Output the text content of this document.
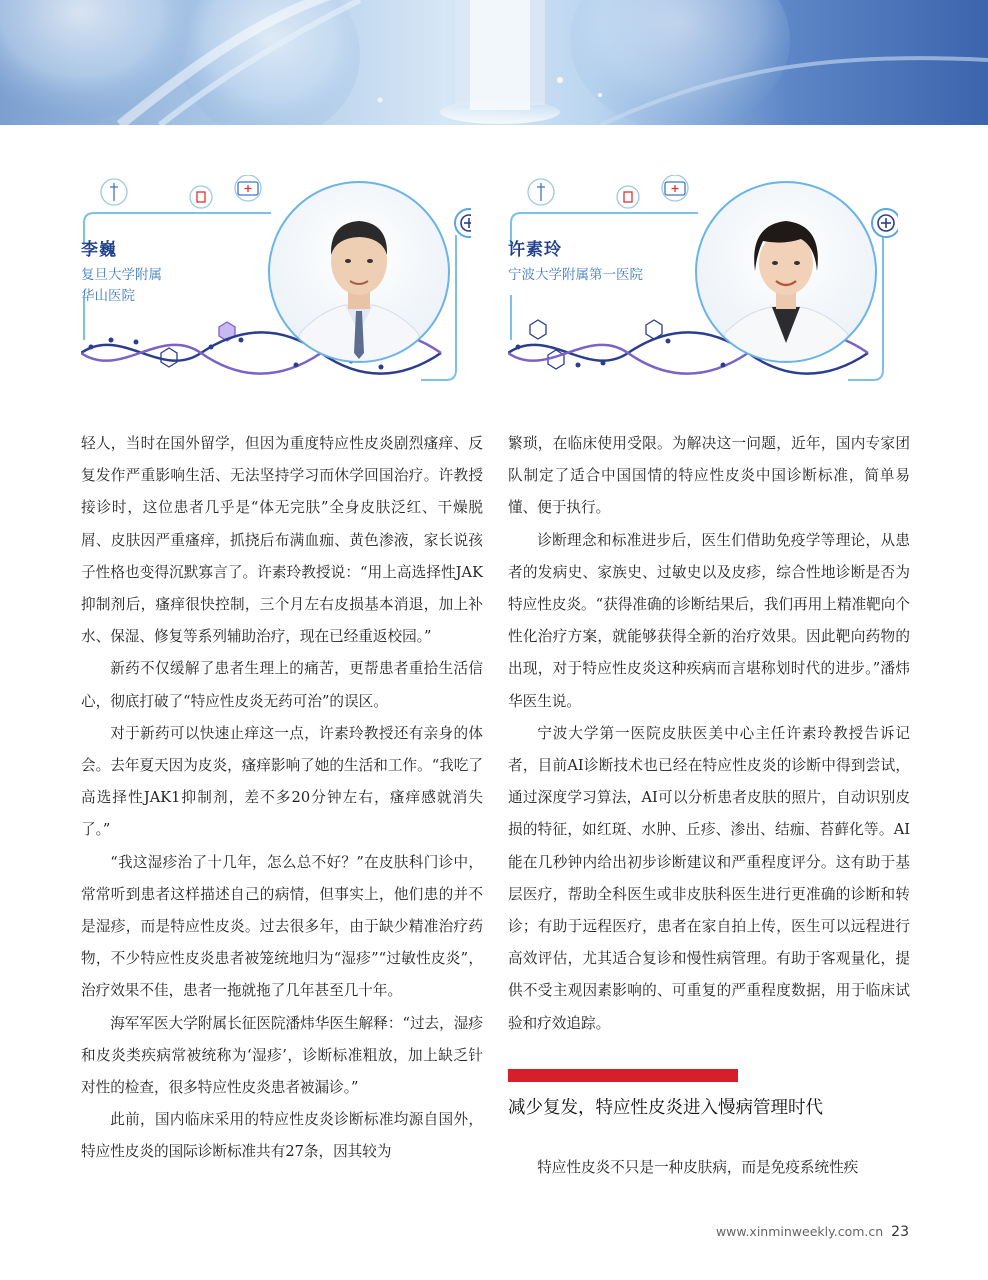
李巍
复旦大学附属
华山医院
许素玲
宁波大学附属第一医院

轻人，当时在国外留学，但因为重度特应性皮炎剧烈瘙痒、反复发作严重影响生活、无法坚持学习而休学回国治疗。许教授接诊时，这位患者几乎是“体无完肤”全身皮肤泛红、干燥脱屑、皮肤因严重瘙痒，抓挠后布满血痂、黄色渗液，家长说孩子性格也变得沉默寡言了。许素玲教授说：“用上高选择性JAK抑制剂后，瘙痒很快控制，三个月左右皮损基本消退，加上补水、保湿、修复等系列辅助治疗，现在已经重返校园。”

新药不仅缓解了患者生理上的痛苦，更帮患者重拾生活信心，彻底打破了“特应性皮炎无药可治”的误区。

对于新药可以快速止痒这一点，许素玲教授还有亲身的体会。去年夏天因为皮炎，瘙痒影响了她的生活和工作。“我吃了高选择性JAK1抑制剂，差不多20分钟左右，瘙痒感就消失了。”

“我这湿疹治了十几年，怎么总不好？”在皮肤科门诊中，常常听到患者这样描述自己的病情，但事实上，他们患的并不是湿疹，而是特应性皮炎。过去很多年，由于缺少精准治疗药物，不少特应性皮炎患者被笼统地归为“湿疹”“过敏性皮炎”，治疗效果不佳，患者一拖就拖了几年甚至几十年。

海军军医大学附属长征医院潘炜华医生解释：“过去，湿疹和皮炎类疾病常被统称为‘湿疹’，诊断标准粗放，加上缺乏针对性的检查，很多特应性皮炎患者被漏诊。”

此前，国内临床采用的特应性皮炎诊断标准均源自国外，特应性皮炎的国际诊断标准共有27条，因其较为

繁琐，在临床使用受限。为解决这一问题，近年，国内专家团队制定了适合中国国情的特应性皮炎中国诊断标准，简单易懂、便于执行。

诊断理念和标准进步后，医生们借助免疫学等理论，从患者的发病史、家族史、过敏史以及皮疹，综合性地诊断是否为特应性皮炎。“获得准确的诊断结果后，我们再用上精准靶向个性化治疗方案，就能够获得全新的治疗效果。因此靶向药物的出现，对于特应性皮炎这种疾病而言堪称划时代的进步。”潘炜华医生说。

宁波大学第一医院皮肤医美中心主任许素玲教授告诉记者，目前AI诊断技术也已经在特应性皮炎的诊断中得到尝试，通过深度学习算法，AI可以分析患者皮肤的照片，自动识别皮损的特征，如红斑、水肿、丘疹、渗出、结痂、苔藓化等。AI能在几秒钟内给出初步诊断建议和严重程度评分。这有助于基层医疗，帮助全科医生或非皮肤科医生进行更准确的诊断和转诊；有助于远程医疗，患者在家自拍上传，医生可以远程进行高效评估，尤其适合复诊和慢性病管理。有助于客观量化，提供不受主观因素影响的、可重复的严重程度数据，用于临床试验和疗效追踪。

减少复发，特应性皮炎进入慢病管理时代

特应性皮炎不只是一种皮肤病，而是免疫系统性疾

www.xinminweekly.com.cn 23
